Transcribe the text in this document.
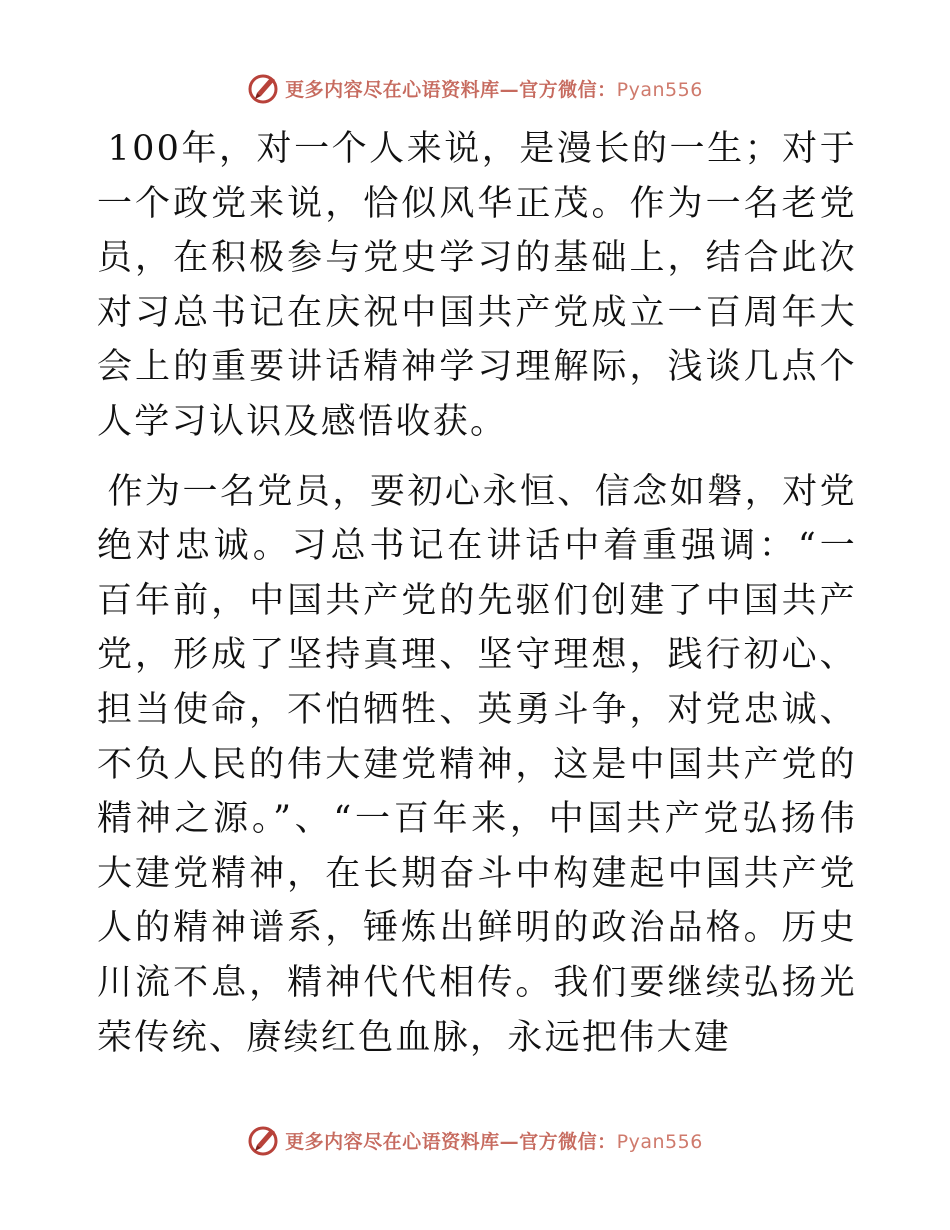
更多内容尽在心语资料库—官方微信：Pyan556

100年，对一个人来说，是漫长的一生；对于一个政党来说，恰似风华正茂。作为一名老党员，在积极参与党史学习的基础上，结合此次对习总书记在庆祝中国共产党成立一百周年大会上的重要讲话精神学习理解际，浅谈几点个人学习认识及感悟收获。

作为一名党员，要初心永恒、信念如磐，对党绝对忠诚。习总书记在讲话中着重强调：“一百年前，中国共产党的先驱们创建了中国共产党，形成了坚持真理、坚守理想，践行初心、担当使命，不怕牺牲、英勇斗争，对党忠诚、不负人民的伟大建党精神，这是中国共产党的精神之源。”、“一百年来，中国共产党弘扬伟大建党精神，在长期奋斗中构建起中国共产党人的精神谱系，锤炼出鲜明的政治品格。历史川流不息，精神代代相传。我们要继续弘扬光荣传统、赓续红色血脉，永远把伟大建

更多内容尽在心语资料库—官方微信：Pyan556
